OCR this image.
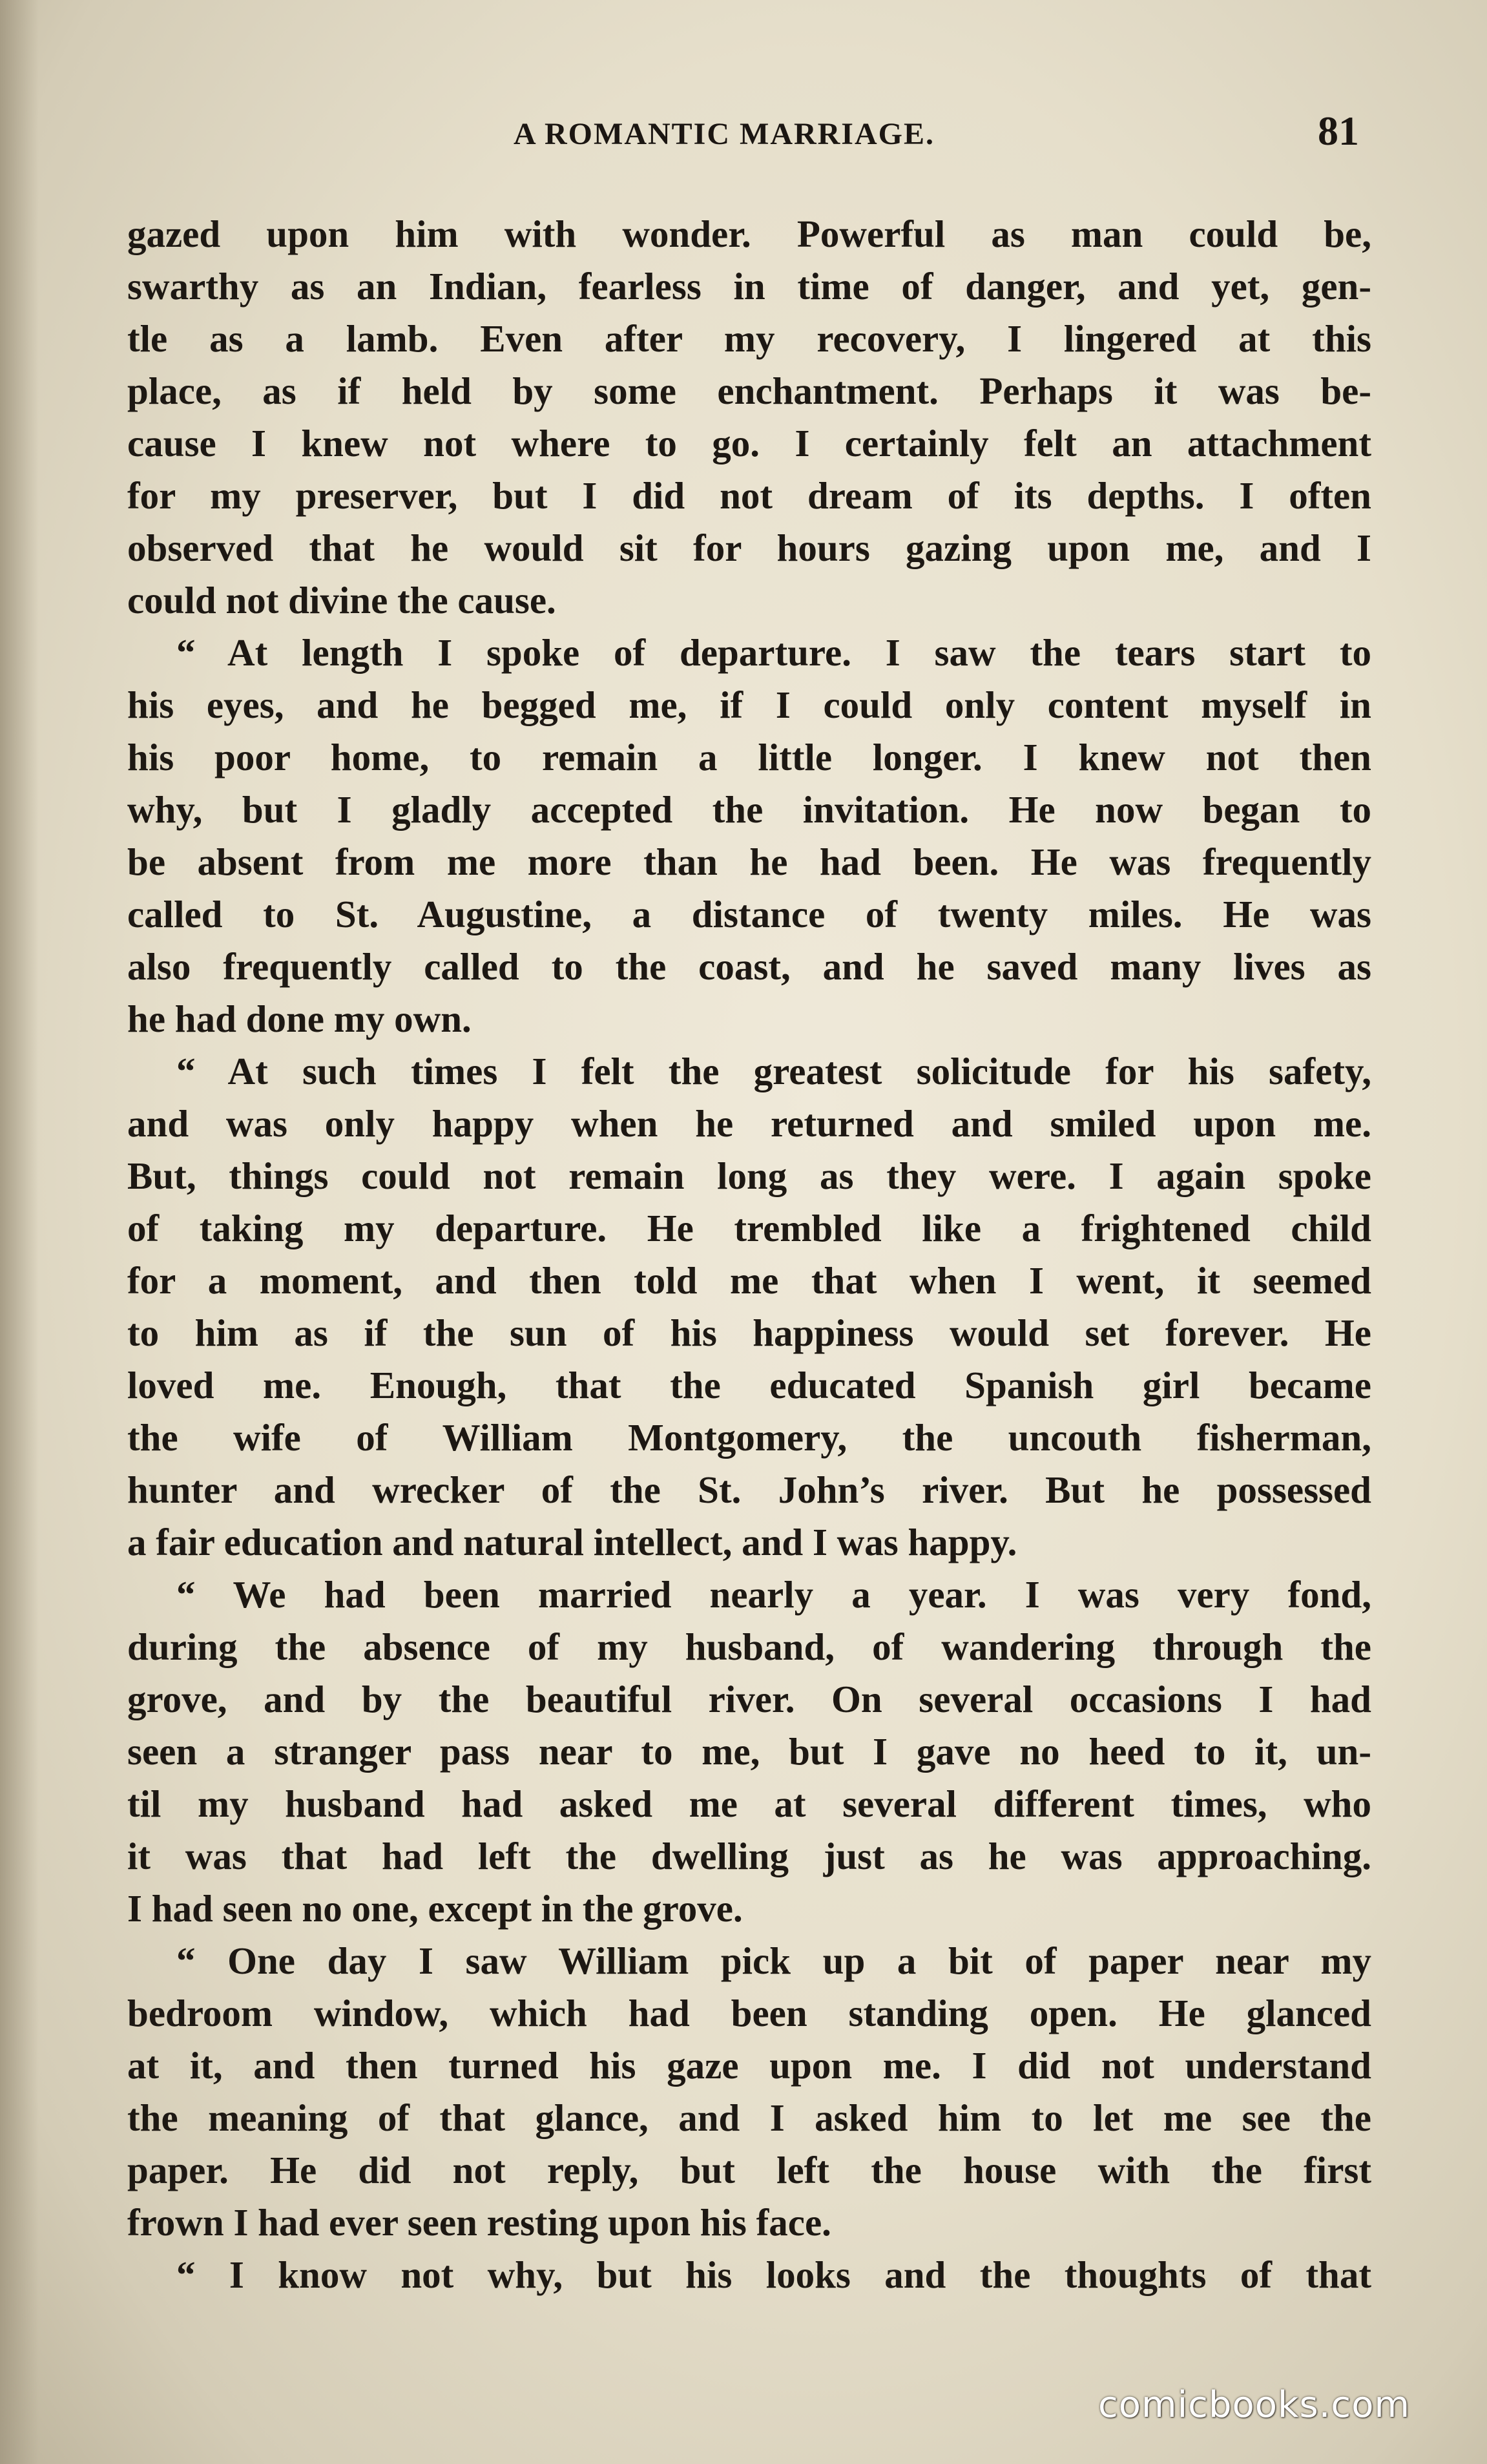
A ROMANTIC MARRIAGE.	81
gazed upon him with wonder. Powerful as man could be,
swarthy as an Indian, fearless in time of danger, and yet, gen-
tle as a lamb. Even after my recovery, I lingered at this
place, as if held by some enchantment. Perhaps it was be-
cause I knew not where to go. I certainly felt an attachment
for my preserver, but I did not dream of its depths. I often
observed that he would sit for hours gazing upon me, and I
could not divine the cause.
“ At length I spoke of departure. I saw the tears start to
his eyes, and he begged me, if I could only content myself in
his poor home, to remain a little longer. I knew not then
why, but I gladly accepted the invitation. He now began to
be absent from me more than he had been. He was frequently
called to St. Augustine, a distance of twenty miles. He was
also frequently called to the coast, and he saved many lives as
he had done my own.
“ At such times I felt the greatest solicitude for his safety,
and was only happy when he returned and smiled upon me.
But, things could not remain long as they were. I again spoke
of taking my departure. He trembled like a frightened child
for a moment, and then told me that when I went, it seemed
to him as if the sun of his happiness would set forever. He
loved me. Enough, that the educated Spanish girl became
the wife of William Montgomery, the uncouth fisherman,
hunter and wrecker of the St. John’s river. But he possessed
a fair education and natural intellect, and I was happy.
“ We had been married nearly a year. I was very fond,
during the absence of my husband, of wandering through the
grove, and by the beautiful river. On several occasions I had
seen a stranger pass near to me, but I gave no heed to it, un-
til my husband had asked me at several different times, who
it was that had left the dwelling just as he was approaching.
I had seen no one, except in the grove.
“ One day I saw William pick up a bit of paper near my
bedroom window, which had been standing open. He glanced
at it, and then turned his gaze upon me. I did not understand
the meaning of that glance, and I asked him to let me see the
paper. He did not reply, but left the house with the first
frown I had ever seen resting upon his face.
“ I know not why, but his looks and the thoughts of that
comicbooks.com
